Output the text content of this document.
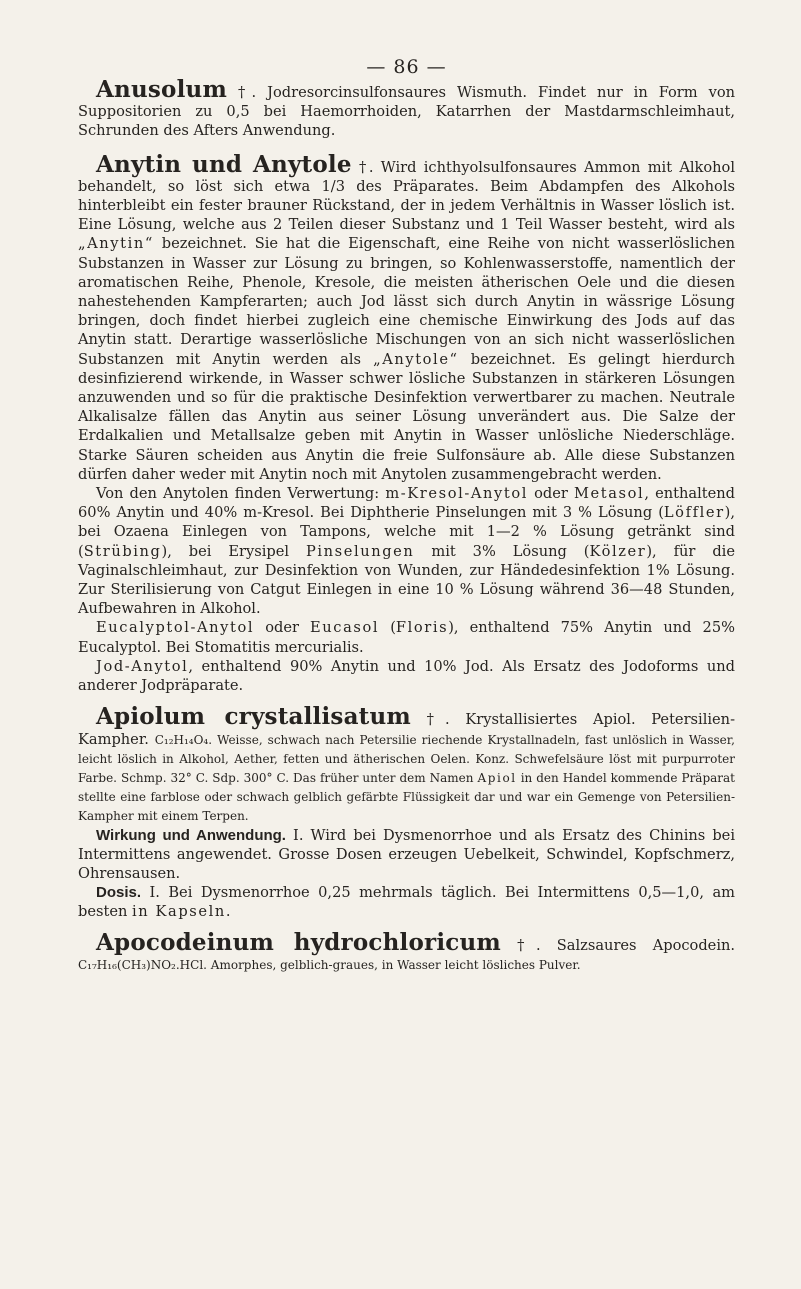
— 86 —

Anusolum †. Jodresorcinsulfonsaures Wismuth. Findet nur in Form von Suppositorien zu 0,5 bei Haemorrhoiden, Katarrhen der Mastdarmschleimhaut, Schrunden des Afters Anwendung.

Anytin und Anytole †. Wird ichthyolsulfonsaures Ammon mit Alkohol behandelt, so löst sich etwa 1/3 des Präparates. Beim Abdampfen des Alkohols hinterbleibt ein fester brauner Rückstand, der in jedem Verhältnis in Wasser löslich ist. Eine Lösung, welche aus 2 Teilen dieser Substanz und 1 Teil Wasser besteht, wird als „Anytin“ bezeichnet. Sie hat die Eigenschaft, eine Reihe von nicht wasserlöslichen Substanzen in Wasser zur Lösung zu bringen, so Kohlenwasserstoffe, namentlich der aromatischen Reihe, Phenole, Kresole, die meisten ätherischen Oele und die diesen nahestehenden Kampferarten; auch Jod lässt sich durch Anytin in wässrige Lösung bringen, doch findet hierbei zugleich eine chemische Einwirkung des Jods auf das Anytin statt. Derartige wasserlösliche Mischungen von an sich nicht wasserlöslichen Substanzen mit Anytin werden als „Anytole“ bezeichnet. Es gelingt hierdurch desinfizierend wirkende, in Wasser schwer lösliche Substanzen in stärkeren Lösungen anzuwenden und so für die praktische Desinfektion verwertbarer zu machen. Neutrale Alkalisalze fällen das Anytin aus seiner Lösung unverändert aus. Die Salze der Erdalkalien und Metallsalze geben mit Anytin in Wasser unlösliche Niederschläge. Starke Säuren scheiden aus Anytin die freie Sulfonsäure ab. Alle diese Substanzen dürfen daher weder mit Anytin noch mit Anytolen zusammengebracht werden.

Von den Anytolen finden Verwertung: m-Kresol-Anytol oder Metasol, enthaltend 60% Anytin und 40% m-Kresol. Bei Diphtherie Pinselungen mit 3 % Lösung (Löffler), bei Ozaena Einlegen von Tampons, welche mit 1—2 % Lösung getränkt sind (Strübing), bei Erysipel Pinselungen mit 3% Lösung (Kölzer), für die Vaginalschleimhaut, zur Desinfektion von Wunden, zur Händedesinfektion 1% Lösung. Zur Sterilisierung von Catgut Einlegen in eine 10 % Lösung während 36—48 Stunden, Aufbewahren in Alkohol.

Eucalyptol-Anytol oder Eucasol (Floris), enthaltend 75% Anytin und 25% Eucalyptol. Bei Stomatitis mercurialis.

Jod-Anytol, enthaltend 90% Anytin und 10% Jod. Als Ersatz des Jodoforms und anderer Jodpräparate.

Apiolum crystallisatum †. Krystallisiertes Apiol. Petersilien-Kampher. C₁₂H₁₄O₄. Weisse, schwach nach Petersilie riechende Krystallnadeln, fast unlöslich in Wasser, leicht löslich in Alkohol, Aether, fetten und ätherischen Oelen. Konz. Schwefelsäure löst mit purpurroter Farbe. Schmp. 32° C. Sdp. 300° C. Das früher unter dem Namen Apiol in den Handel kommende Präparat stellte eine farblose oder schwach gelblich gefärbte Flüssigkeit dar und war ein Gemenge von Petersilien-Kampher mit einem Terpen.

Wirkung und Anwendung. I. Wird bei Dysmenorrhoe und als Ersatz des Chinins bei Intermittens angewendet. Grosse Dosen erzeugen Uebelkeit, Schwindel, Kopfschmerz, Ohrensausen.

Dosis. I. Bei Dysmenorrhoe 0,25 mehrmals täglich. Bei Intermittens 0,5—1,0, am besten in Kapseln.

Apocodeinum hydrochloricum †. Salzsaures Apocodein. C₁₇H₁₆(CH₃)NO₂.HCl. Amorphes, gelblich-graues, in Wasser leicht lösliches Pulver.
